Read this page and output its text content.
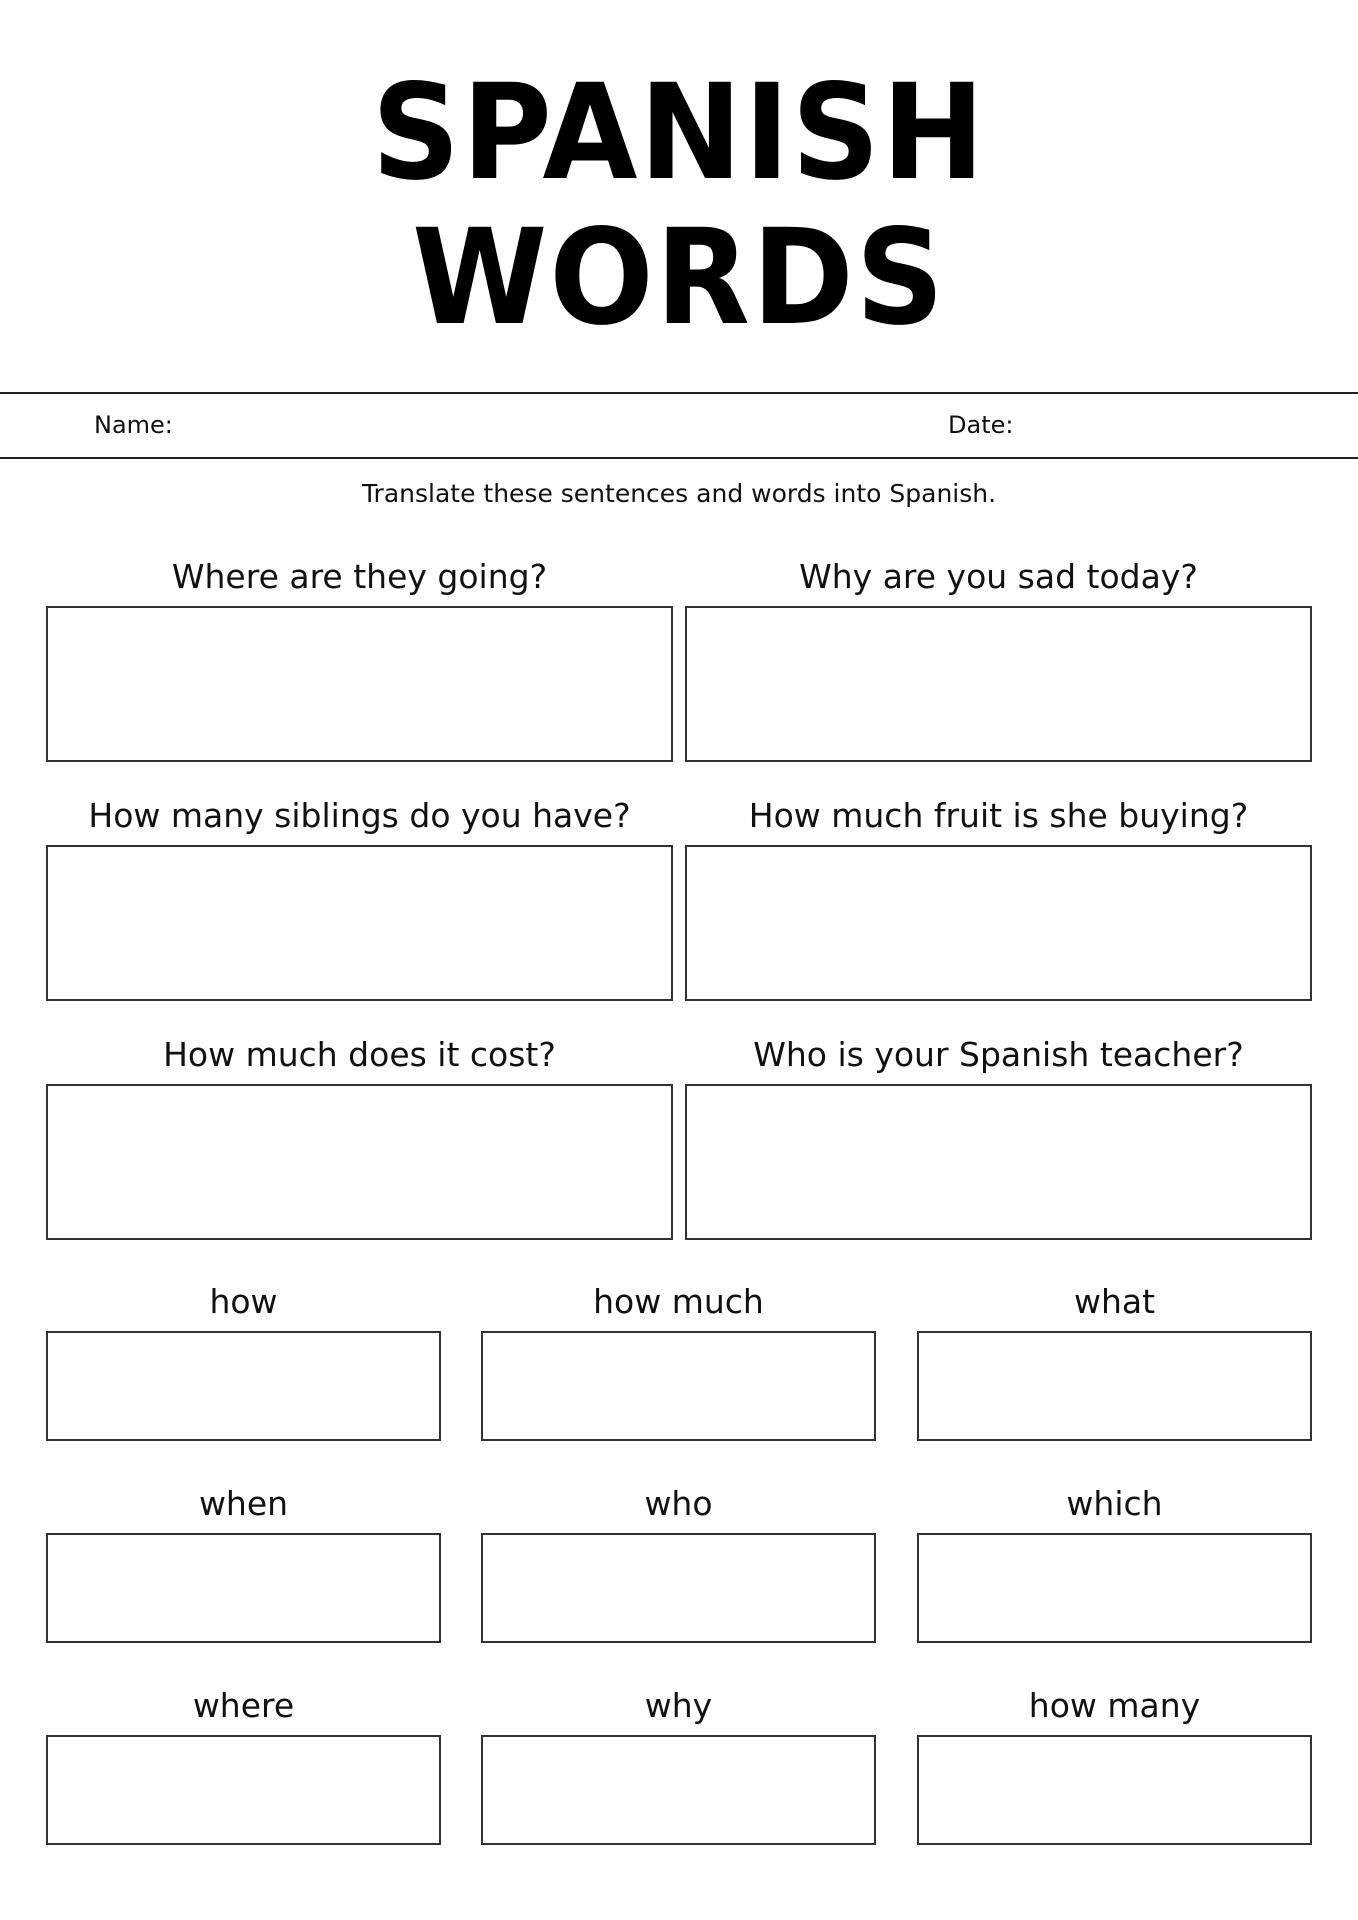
SPANISH
WORDS
Name:	Date:
Translate these sentences and words into Spanish.
Where are they going?	Why are you sad today?
How many siblings do you have?	How much fruit is she buying?
How much does it cost?	Who is your Spanish teacher?
how	how much	what
when	who	which
where	why	how many
